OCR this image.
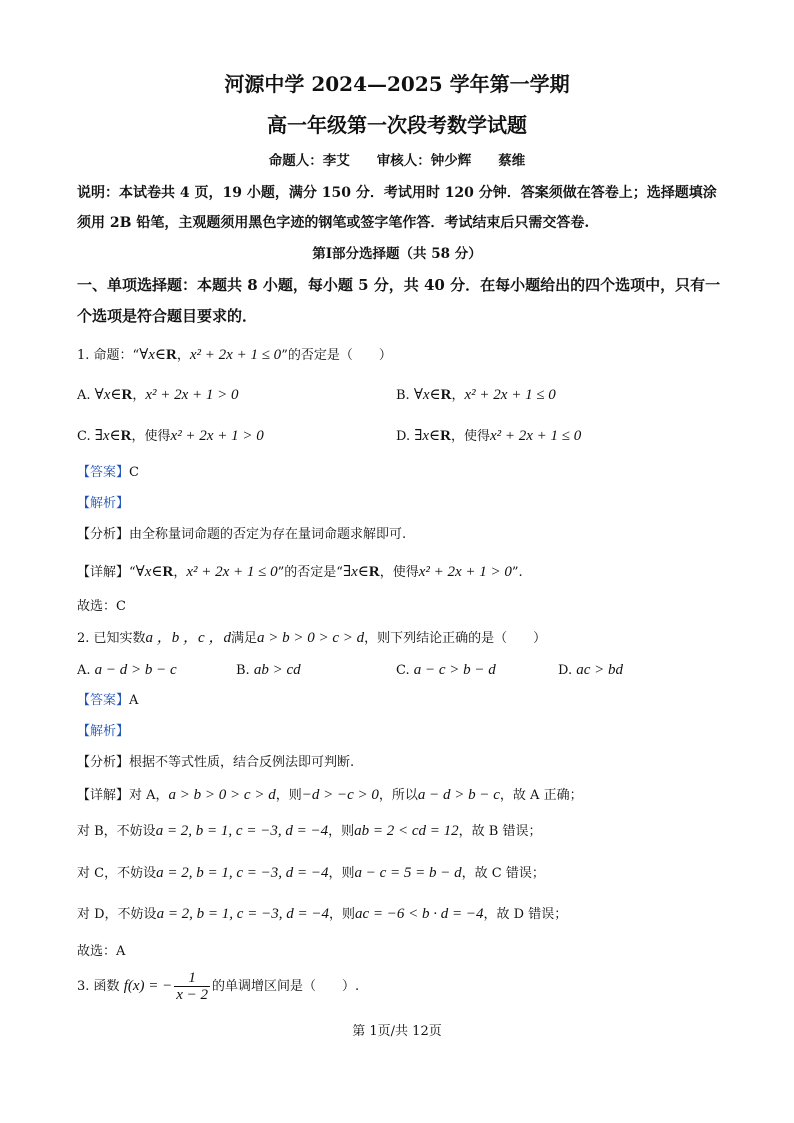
河源中学 2024—2025 学年第一学期
高一年级第一次段考数学试题
命题人：李艾　　审核人：钟少辉　　蔡维
说明：本试卷共 4 页，19 小题，满分 150 分．考试用时 120 分钟．答案须做在答卷上；选择题填涂须用 2B 铅笔，主观题须用黑色字迹的钢笔或签字笔作答．考试结束后只需交答卷.
第Ⅰ部分选择题（共 58 分）
一、单项选择题：本题共 8 小题，每小题 5 分，共 40 分．在每小题给出的四个选项中，只有一个选项是符合题目要求的．
1. 命题：“∀x∈R，x² + 2x + 1 ≤ 0”的否定是（　　）
A. ∀x∈R，x² + 2x + 1 > 0	B. ∀x∈R，x² + 2x + 1 ≤ 0
C. ∃x∈R，使得x² + 2x + 1 > 0	D. ∃x∈R，使得x² + 2x + 1 ≤ 0
【答案】C
【解析】
【分析】由全称量词命题的否定为存在量词命题求解即可.
【详解】“∀x∈R，x² + 2x + 1 ≤ 0”的否定是“∃x∈R，使得x² + 2x + 1 > 0”.
故选：C
2. 已知实数a ，b ，c ，d满足a > b > 0 > c > d，则下列结论正确的是（　　）
A. a − d > b − c	B. ab > cd	C. a − c > b − d	D. ac > bd
【答案】A
【解析】
【分析】根据不等式性质，结合反例法即可判断.
【详解】对 A，a > b > 0 > c > d，则−d > −c > 0，所以a − d > b − c，故 A 正确；
对 B，不妨设a = 2, b = 1, c = −3, d = −4，则ab = 2 < cd = 12，故 B 错误；
对 C，不妨设a = 2, b = 1, c = −3, d = −4，则a − c = 5 = b − d，故 C 错误；
对 D，不妨设a = 2, b = 1, c = −3, d = −4，则ac = −6 < b · d = −4，故 D 错误；
故选：A
3. 函数 f(x) = − $\frac{1}{x - 2}$ 的单调增区间是（　　）.
第 1页/共 12页
